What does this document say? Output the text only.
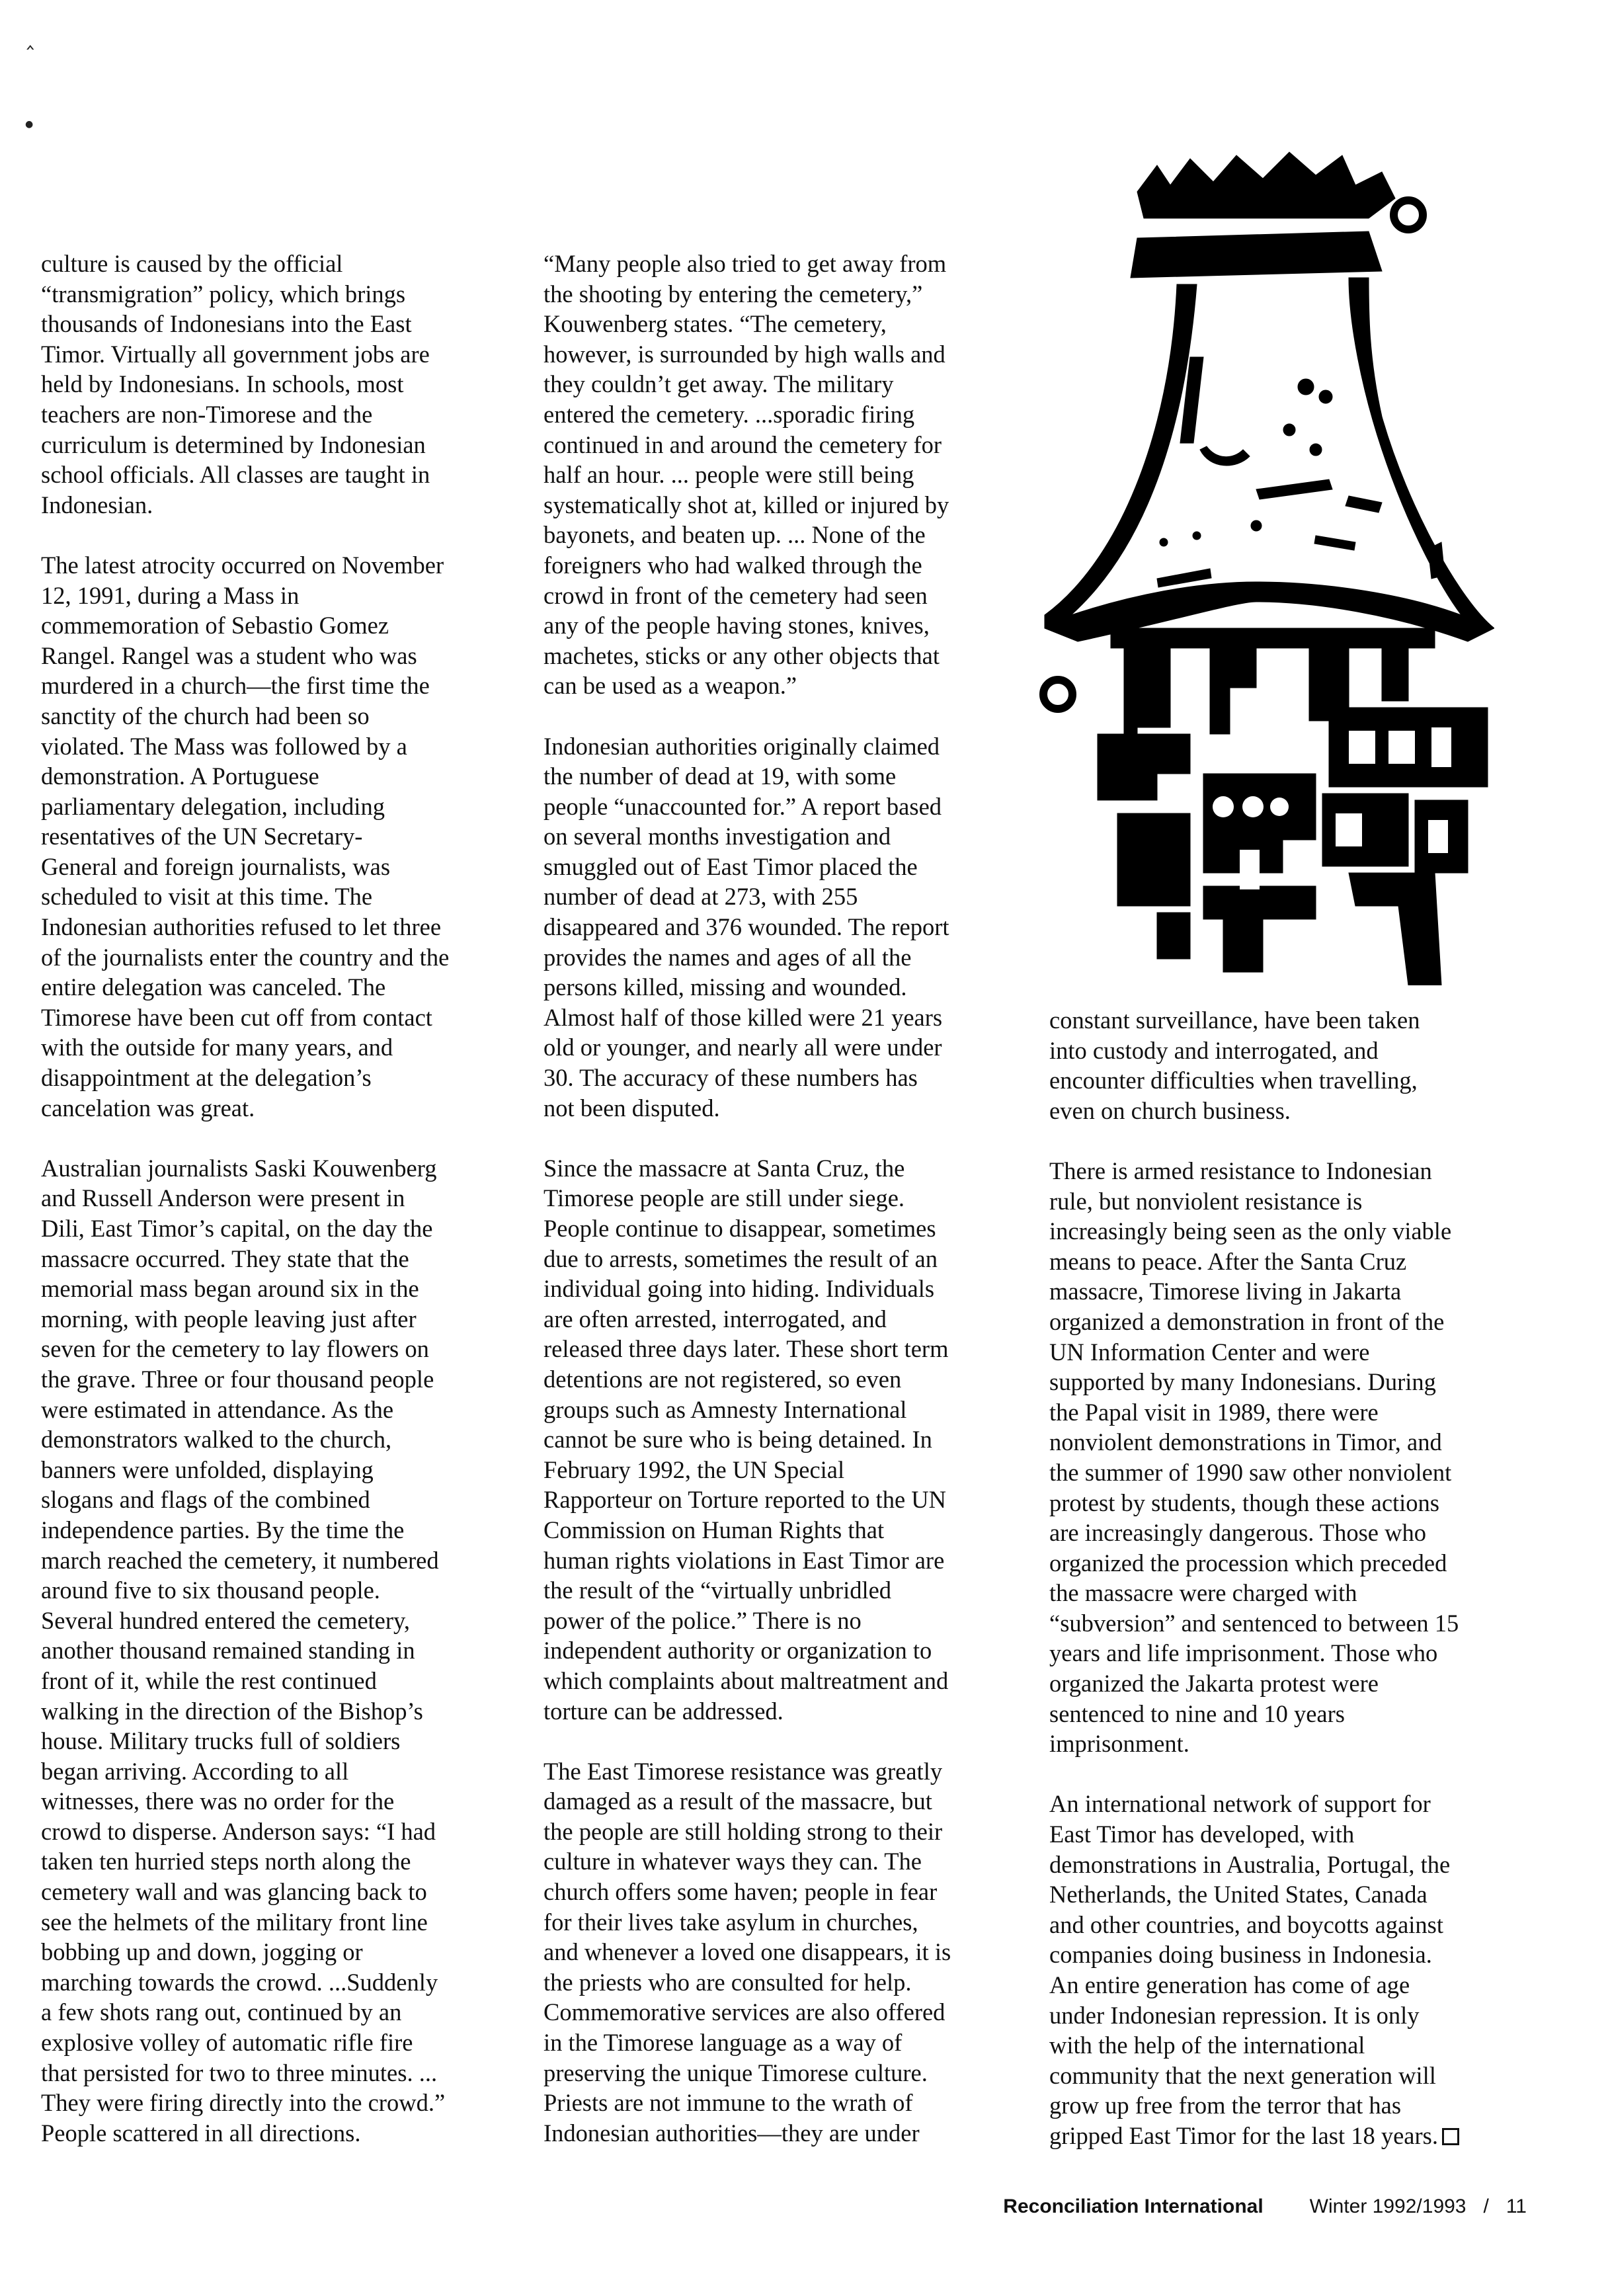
‸
●

culture is caused by the official
“transmigration” policy, which brings
thousands of Indonesians into the East
Timor. Virtually all government jobs are
held by Indonesians. In schools, most
teachers are non-Timorese and the
curriculum is determined by Indonesian
school officials. All classes are taught in
Indonesian.

The latest atrocity occurred on November
12, 1991, during a Mass in
commemoration of Sebastio Gomez
Rangel. Rangel was a student who was
murdered in a church—the first time the
sanctity of the church had been so
violated. The Mass was followed by a
demonstration. A Portuguese
parliamentary delegation, including
resentatives of the UN Secretary-
General and foreign journalists, was
scheduled to visit at this time. The
Indonesian authorities refused to let three
of the journalists enter the country and the
entire delegation was canceled. The
Timorese have been cut off from contact
with the outside for many years, and
disappointment at the delegation’s
cancelation was great.

Australian journalists Saski Kouwenberg
and Russell Anderson were present in
Dili, East Timor’s capital, on the day the
massacre occurred. They state that the
memorial mass began around six in the
morning, with people leaving just after
seven for the cemetery to lay flowers on
the grave. Three or four thousand people
were estimated in attendance. As the
demonstrators walked to the church,
banners were unfolded, displaying
slogans and flags of the combined
independence parties. By the time the
march reached the cemetery, it numbered
around five to six thousand people.
Several hundred entered the cemetery,
another thousand remained standing in
front of it, while the rest continued
walking in the direction of the Bishop’s
house. Military trucks full of soldiers
began arriving. According to all
witnesses, there was no order for the
crowd to disperse. Anderson says: “I had
taken ten hurried steps north along the
cemetery wall and was glancing back to
see the helmets of the military front line
bobbing up and down, jogging or
marching towards the crowd. ...Suddenly
a few shots rang out, continued by an
explosive volley of automatic rifle fire
that persisted for two to three minutes. ...
They were firing directly into the crowd.”
People scattered in all directions.

“Many people also tried to get away from
the shooting by entering the cemetery,”
Kouwenberg states. “The cemetery,
however, is surrounded by high walls and
they couldn’t get away. The military
entered the cemetery. ...sporadic firing
continued in and around the cemetery for
half an hour. ... people were still being
systematically shot at, killed or injured by
bayonets, and beaten up. ... None of the
foreigners who had walked through the
crowd in front of the cemetery had seen
any of the people having stones, knives,
machetes, sticks or any other objects that
can be used as a weapon.”

Indonesian authorities originally claimed
the number of dead at 19, with some
people “unaccounted for.” A report based
on several months investigation and
smuggled out of East Timor placed the
number of dead at 273, with 255
disappeared and 376 wounded. The report
provides the names and ages of all the
persons killed, missing and wounded.
Almost half of those killed were 21 years
old or younger, and nearly all were under
30. The accuracy of these numbers has
not been disputed.

Since the massacre at Santa Cruz, the
Timorese people are still under siege.
People continue to disappear, sometimes
due to arrests, sometimes the result of an
individual going into hiding. Individuals
are often arrested, interrogated, and
released three days later. These short term
detentions are not registered, so even
groups such as Amnesty International
cannot be sure who is being detained. In
February 1992, the UN Special
Rapporteur on Torture reported to the UN
Commission on Human Rights that
human rights violations in East Timor are
the result of the “virtually unbridled
power of the police.” There is no
independent authority or organization to
which complaints about maltreatment and
torture can be addressed.

The East Timorese resistance was greatly
damaged as a result of the massacre, but
the people are still holding strong to their
culture in whatever ways they can. The
church offers some haven; people in fear
for their lives take asylum in churches,
and whenever a loved one disappears, it is
the priests who are consulted for help.
Commemorative services are also offered
in the Timorese language as a way of
preserving the unique Timorese culture.
Priests are not immune to the wrath of
Indonesian authorities—they are under

constant surveillance, have been taken
into custody and interrogated, and
encounter difficulties when travelling,
even on church business.

There is armed resistance to Indonesian
rule, but nonviolent resistance is
increasingly being seen as the only viable
means to peace. After the Santa Cruz
massacre, Timorese living in Jakarta
organized a demonstration in front of the
UN Information Center and were
supported by many Indonesians. During
the Papal visit in 1989, there were
nonviolent demonstrations in Timor, and
the summer of 1990 saw other nonviolent
protest by students, though these actions
are increasingly dangerous. Those who
organized the procession which preceded
the massacre were charged with
“subversion” and sentenced to between 15
years and life imprisonment. Those who
organized the Jakarta protest were
sentenced to nine and 10 years
imprisonment.

An international network of support for
East Timor has developed, with
demonstrations in Australia, Portugal, the
Netherlands, the United States, Canada
and other countries, and boycotts against
companies doing business in Indonesia.
An entire generation has come of age
under Indonesian repression. It is only
with the help of the international
community that the next generation will
grow up free from the terror that has
gripped East Timor for the last 18 years.

Reconciliation International Winter 1992/1993 / 11
